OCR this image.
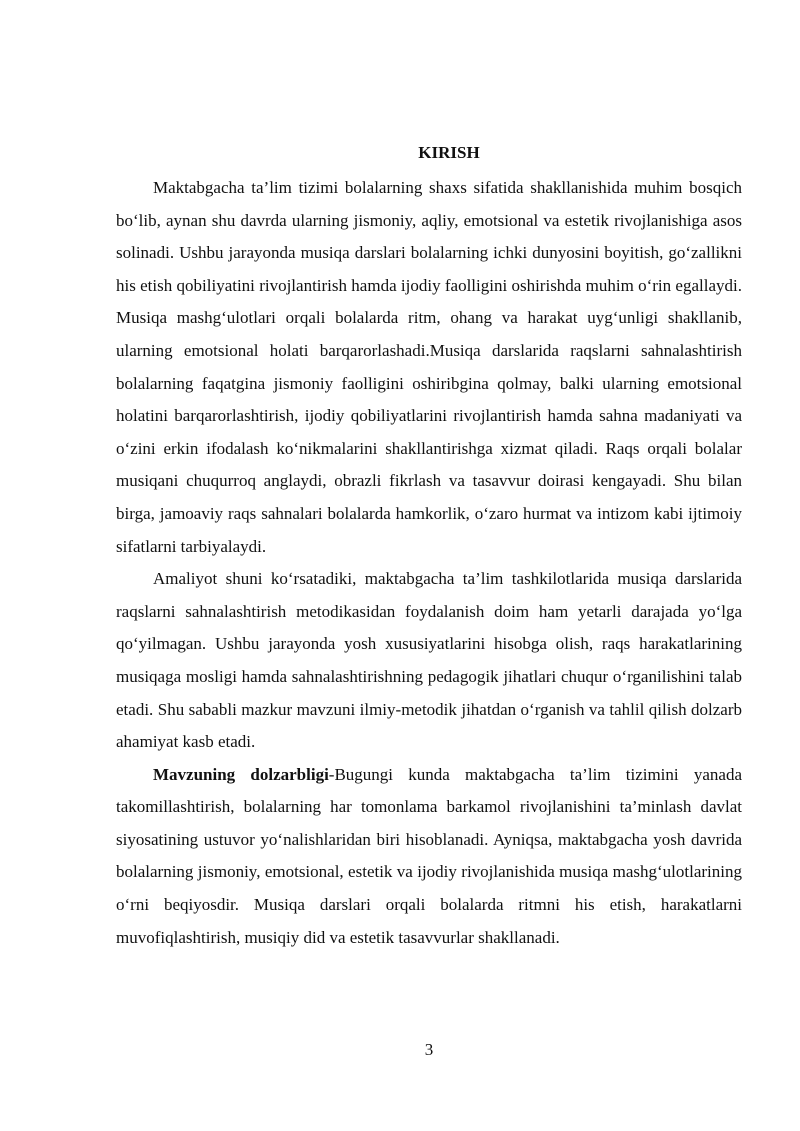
KIRISH

Maktabgacha ta’lim tizimi bolalarning shaxs sifatida shakllanishida muhim bosqich bo‘lib, aynan shu davrda ularning jismoniy, aqliy, emotsional va estetik rivojlanishiga asos solinadi. Ushbu jarayonda musiqa darslari bolalarning ichki dunyosini boyitish, go‘zallikni his etish qobiliyatini rivojlantirish hamda ijodiy faolligini oshirishda muhim o‘rin egallaydi. Musiqa mashg‘ulotlari orqali bolalarda ritm, ohang va harakat uyg‘unligi shakllanib, ularning emotsional holati barqarorlashadi.Musiqa darslarida raqslarni sahnalashtirish bolalarning faqatgina jismoniy faolligini oshiribgina qolmay, balki ularning emotsional holatini barqarorlashtirish, ijodiy qobiliyatlarini rivojlantirish hamda sahna madaniyati va o‘zini erkin ifodalash ko‘nikmalarini shakllantirishga xizmat qiladi. Raqs orqali bolalar musiqani chuqurroq anglaydi, obrazli fikrlash va tasavvur doirasi kengayadi. Shu bilan birga, jamoaviy raqs sahnalari bolalarda hamkorlik, o‘zaro hurmat va intizom kabi ijtimoiy sifatlarni tarbiyalaydi.

Amaliyot shuni ko‘rsatadiki, maktabgacha ta’lim tashkilotlarida musiqa darslarida raqslarni sahnalashtirish metodikasidan foydalanish doim ham yetarli darajada yo‘lga qo‘yilmagan. Ushbu jarayonda yosh xususiyatlarini hisobga olish, raqs harakatlarining musiqaga mosligi hamda sahnalashtirishning pedagogik jihatlari chuqur o‘rganilishini talab etadi. Shu sababli mazkur mavzuni ilmiy-metodik jihatdan o‘rganish va tahlil qilish dolzarb ahamiyat kasb etadi.

Mavzuning dolzarbligi-Bugungi kunda maktabgacha ta’lim tizimini yanada takomillashtirish, bolalarning har tomonlama barkamol rivojlanishini ta’minlash davlat siyosatining ustuvor yo‘nalishlaridan biri hisoblanadi. Ayniqsa, maktabgacha yosh davrida bolalarning jismoniy, emotsional, estetik va ijodiy rivojlanishida musiqa mashg‘ulotlarining o‘rni beqiyosdir. Musiqa darslari orqali bolalarda ritmni his etish, harakatlarni muvofiqlashtirish, musiqiy did va estetik tasavvurlar shakllanadi.

3
